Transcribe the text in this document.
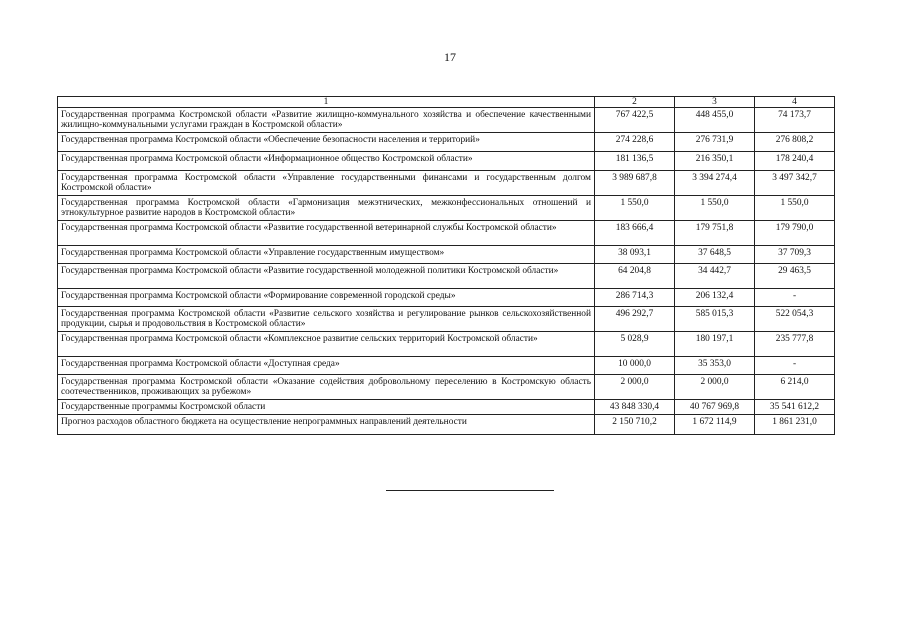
17
1	2	3	4
Государственная программа Костромской области «Развитие жилищно-коммунального хозяйства и обеспечение качественными жилищно-коммунальными услугами граждан в Костромской области»	767 422,5	448 455,0	74 173,7
Государственная программа Костромской области «Обеспечение безопасности населения и территорий»	274 228,6	276 731,9	276 808,2
Государственная программа Костромской области «Информационное общество Костромской области»	181 136,5	216 350,1	178 240,4
Государственная программа Костромской области «Управление государственными финансами и государственным долгом Костромской области»	3 989 687,8	3 394 274,4	3 497 342,7
Государственная программа Костромской области «Гармонизация межэтнических, межконфессиональных отношений и этнокультурное развитие народов в Костромской области»	1 550,0	1 550,0	1 550,0
Государственная программа Костромской области «Развитие государственной ветеринарной службы Костромской области»	183 666,4	179 751,8	179 790,0
Государственная программа Костромской области «Управление государственным имуществом»	38 093,1	37 648,5	37 709,3
Государственная программа Костромской области «Развитие государственной молодежной политики Костромской области»	64 204,8	34 442,7	29 463,5
Государственная программа Костромской области «Формирование современной городской среды»	286 714,3	206 132,4	-
Государственная программа Костромской области «Развитие сельского хозяйства и регулирование рынков сельскохозяйственной продукции, сырья и продовольствия в Костромской области»	496 292,7	585 015,3	522 054,3
Государственная программа Костромской области «Комплексное развитие сельских территорий Костромской области»	5 028,9	180 197,1	235 777,8
Государственная программа Костромской области «Доступная среда»	10 000,0	35 353,0	-
Государственная программа Костромской области «Оказание содействия добровольному переселению в Костромскую область соотечественников, проживающих за рубежом»	2 000,0	2 000,0	6 214,0
Государственные программы Костромской области	43 848 330,4	40 767 969,8	35 541 612,2
Прогноз расходов областного бюджета на осуществление непрограммных направлений деятельности	2 150 710,2	1 672 114,9	1 861 231,0
